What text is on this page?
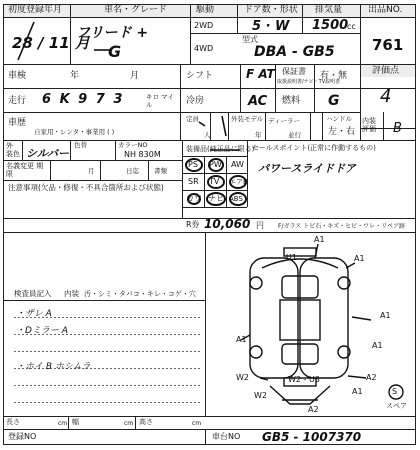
初度登録年月
28 / 11 月
車名・グレード
フリード +
G
駆動	ドア数・形状 排気量
2WD
4WD
5 · W 1500
cc
型式
DBA - GB5
出品NO.
761
車検	年	月	シフト	F AT 保証書
取扱説明書/ナビ・TV説明書
有・無	評価点
4
走行 6 K 9 7 3	キロ マイル	冷房	AC 燃料 G
車歴
自家用・レンタ・事業用 ( )
定員
人
外装モデル
年
ディーラー
並行
ハンドル
左・右
内装 評価	B
外 装色 シルバー
色替	カラーNO
NH 830M
装備品(純正品に限る)
PS PW AW
SR TV エアB
カワ ナビ ABS
セールスポイント(正常に作動するもの)
パワースライドドア
名義変更 期限	月	日迄 書類
注意事項(欠品・修復・不具合箇所および状態)
R券 10,060 円 F/ガラス トビ石・キズ・ヒビ・ワレ・リペア跡
検査員記入 内装 汚・シミ・タバコ・キレ・コゲ・穴
・ザレ A
・Dミラー A
・ホイ B ホシムラ
A1
U1	A1
A1
A1
A1
W2	W2 - U3
W2	A1
A2
A2
S
スペア
長さ	cm 幅	cm 高さ	cm
登録NO	車台NO GB5 - 1007370
